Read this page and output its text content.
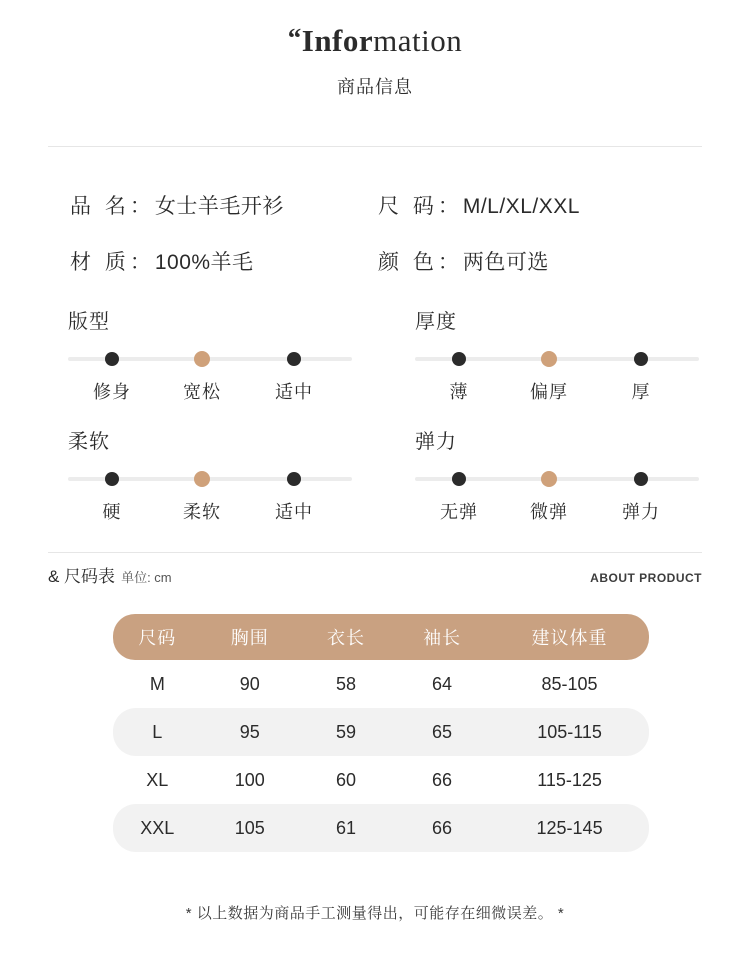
“Information
商品信息
品 名：女士羊毛开衫	尺 码：M/L/XL/XXL
材 质：100%羊毛	颜 色：两色可选
版型
修身	宽松	适中
厚度
薄	偏厚	厚
柔软
硬	柔软	适中
弹力
无弹	微弹	弹力
& 尺码表 单位: cm	ABOUT PRODUCT
尺码	胸围	衣长	袖长	建议体重
M	90	58	64	85-105
L	95	59	65	105-115
XL	100	60	66	115-125
XXL	105	61	66	125-145
* 以上数据为商品手工测量得出，可能存在细微误差。 *
